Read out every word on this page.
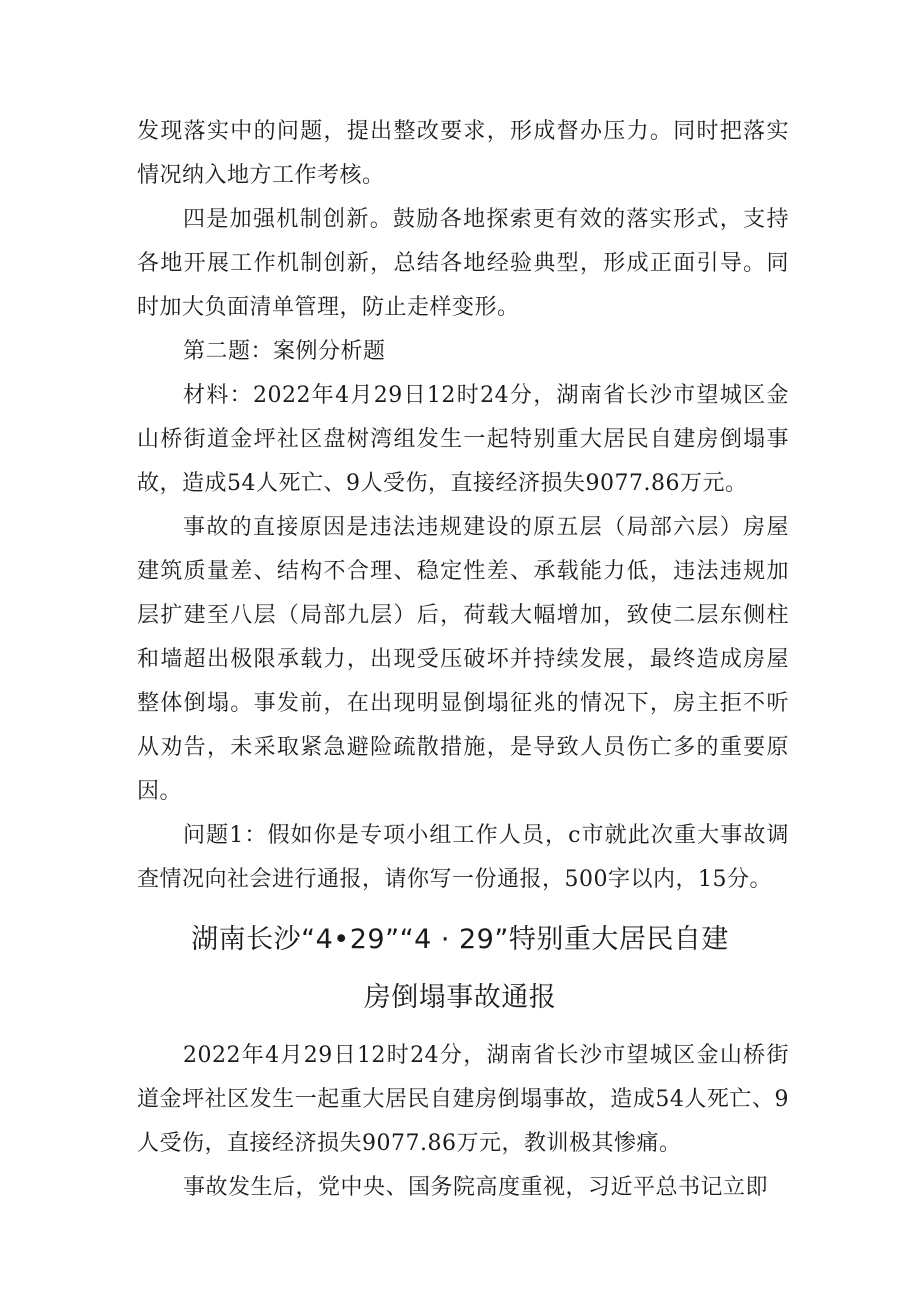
发现落实中的问题，提出整改要求，形成督办压力。同时把落实情况纳入地方工作考核。

四是加强机制创新。鼓励各地探索更有效的落实形式，支持各地开展工作机制创新，总结各地经验典型，形成正面引导。同时加大负面清单管理，防止走样变形。

第二题：案例分析题

材料：2022年4月29日12时24分，湖南省长沙市望城区金山桥街道金坪社区盘树湾组发生一起特别重大居民自建房倒塌事故，造成54人死亡、9人受伤，直接经济损失9077.86万元。

事故的直接原因是违法违规建设的原五层（局部六层）房屋建筑质量差、结构不合理、稳定性差、承载能力低，违法违规加层扩建至八层（局部九层）后，荷载大幅增加，致使二层东侧柱和墙超出极限承载力，出现受压破坏并持续发展，最终造成房屋整体倒塌。事发前，在出现明显倒塌征兆的情况下，房主拒不听从劝告，未采取紧急避险疏散措施，是导致人员伤亡多的重要原因。

问题1：假如你是专项小组工作人员，c市就此次重大事故调查情况向社会进行通报，请你写一份通报，500字以内，15分。

湖南长沙“4•29”“4 · 29”特别重大居民自建
房倒塌事故通报

2022年4月29日12时24分，湖南省长沙市望城区金山桥街道金坪社区发生一起重大居民自建房倒塌事故，造成54人死亡、9人受伤，直接经济损失9077.86万元，教训极其惨痛。

事故发生后，党中央、国务院高度重视，习近平总书记立即
